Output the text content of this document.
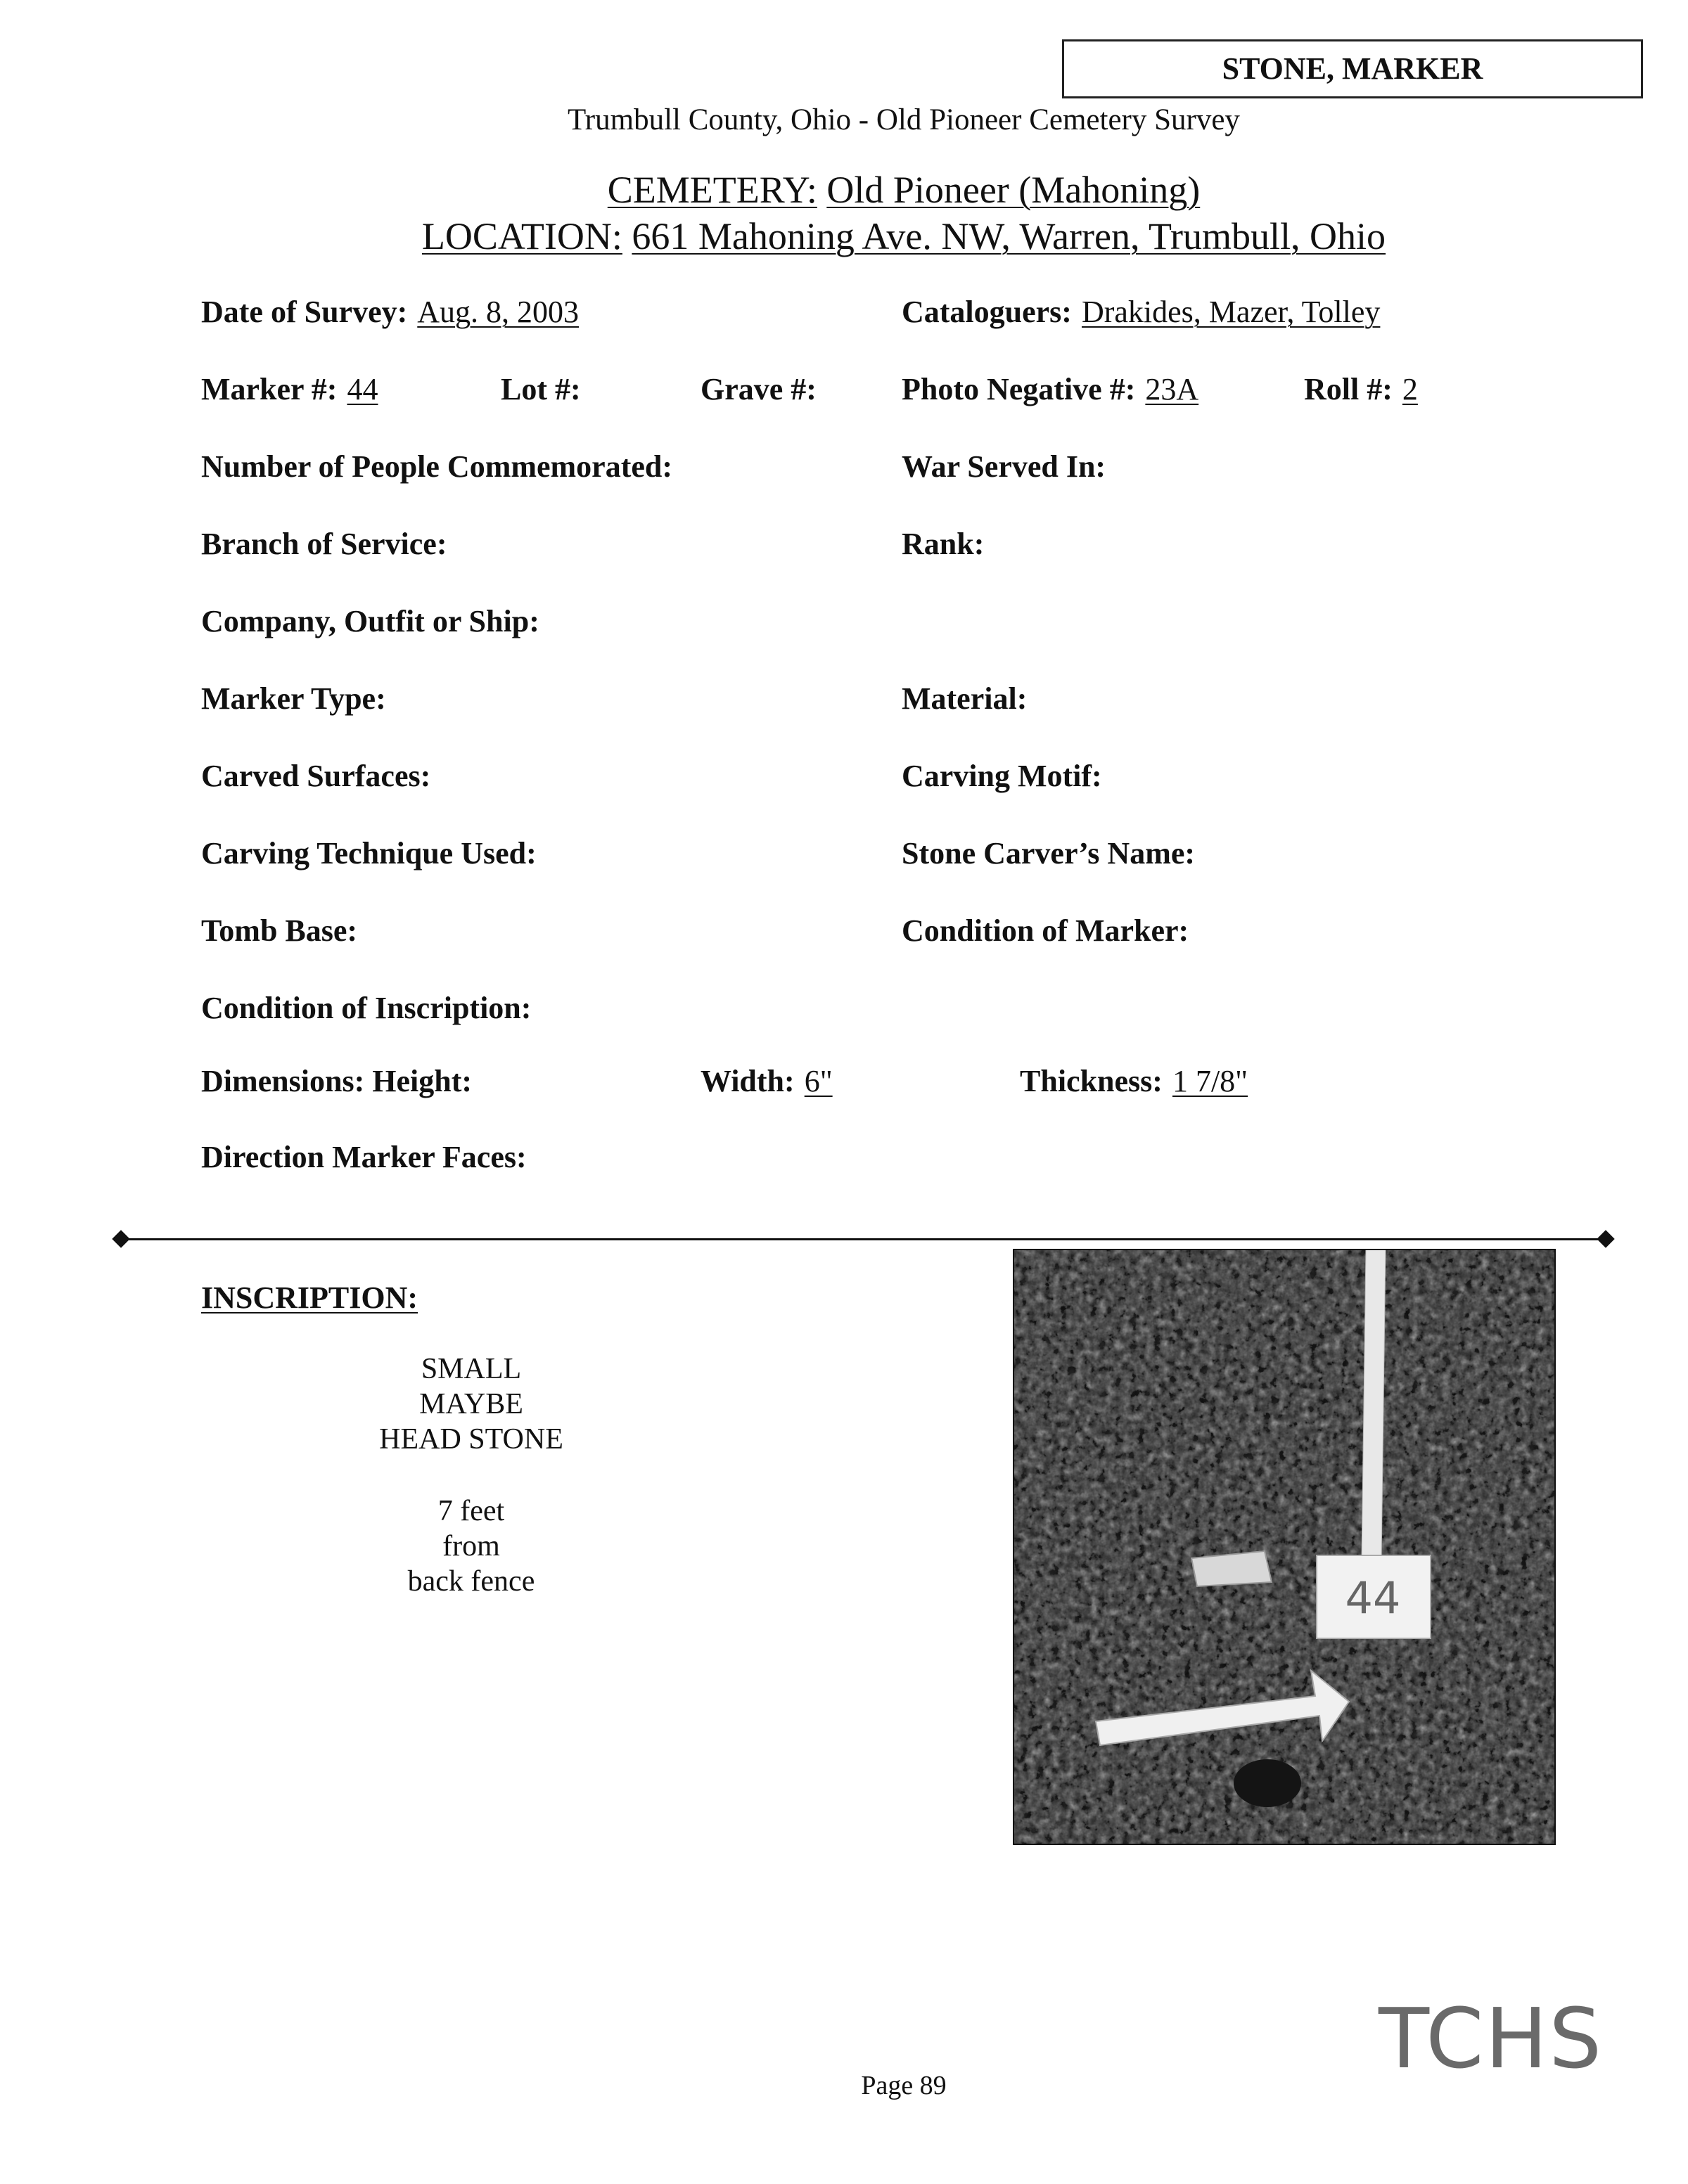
STONE, MARKER
Trumbull County, Ohio - Old Pioneer Cemetery Survey
CEMETERY: Old Pioneer (Mahoning)
LOCATION: 661 Mahoning Ave. NW, Warren, Trumbull, Ohio
Date of Survey: Aug. 8, 2003	Cataloguers: Drakides, Mazer, Tolley
Marker #: 44	Lot #:	Grave #:	Photo Negative #: 23A	Roll #: 2
Number of People Commemorated:	War Served In:
Branch of Service:	Rank:
Company, Outfit or Ship:
Marker Type:	Material:
Carved Surfaces:	Carving Motif:
Carving Technique Used:	Stone Carver’s Name:
Tomb Base:	Condition of Marker:
Condition of Inscription:
Dimensions: Height:	Width: 6"	Thickness: 1 7/8"
Direction Marker Faces:
INSCRIPTION:
SMALL
MAYBE
HEAD STONE
7 feet
from
back fence	44
TCHS
Page 89
